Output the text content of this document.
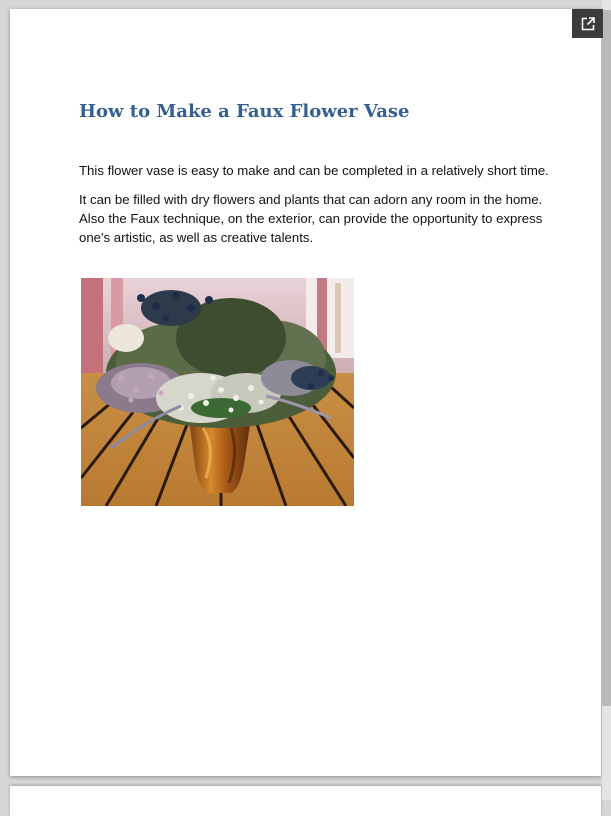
How to Make a Faux Flower Vase

This flower vase is easy to make and can be completed in a relatively short time.

It can be filled with dry flowers and plants that can adorn any room in the home. Also the Faux technique, on the exterior, can provide the opportunity to express one's artistic, as well as creative talents.
